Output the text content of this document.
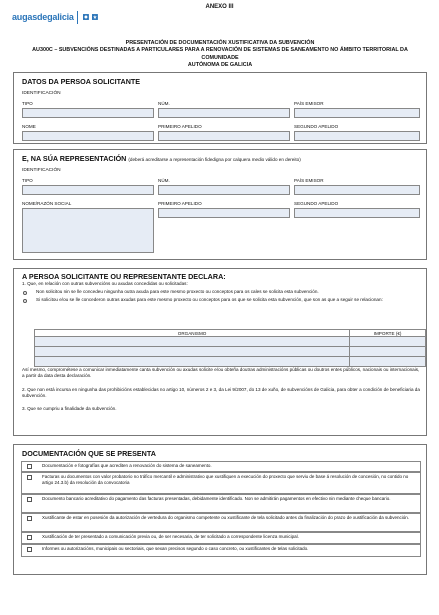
augasdegalicia
ANEXO III
PRESENTACIÓN DE DOCUMENTACIÓN XUSTIFICATIVA DA SUBVENCIÓN
AU300C – SUBVENCIÓNS DESTINADAS A PARTICULARES PARA A RENOVACIÓN DE SISTEMAS DE SANEAMENTO NO ÁMBITO TERRITORIAL DA COMUNIDADE
AUTÓNOMA DE GALICIA
DATOS DA PERSOA SOLICITANTE
IDENTIFICACIÓN
TIPO	NÚM.	PAÍS EMISOR
NOME	PRIMEIRO APELIDO	SEGUNDO APELIDO
E, NA SÚA REPRESENTACIÓN (deberá acreditarse a representación fidedigna por calquera medio válido en dereito)
IDENTIFICACIÓN
TIPO	NÚM.	PAÍS EMISOR
NOME/RAZÓN SOCIAL	PRIMEIRO APELIDO	SEGUNDO APELIDO
A PERSOA SOLICITANTE OU REPRESENTANTE DECLARA:
1. Que, en relación con outras subvencións ou axudas concedidas ou solicitadas:
Non solicitou nin se lle concedeu ningunha outra axuda para este mesmo proxecto ou conceptos para os cales se solicita esta subvención.
Si solicitou e/ou se lle concederon outras axudas para este mesmo proxecto ou conceptos para os que se solicita esta subvención, que son as que a seguir se relacionan:
ORGANISMO	IMPORTE (€)

Así mesmo, comprométese a comunicar inmediatamente canta subvención ou axudas solicite e/ou obteña doutras administracións públicas ou doutros entes públicos, nacionais ou internacionais, a partir da data desta declaración.
2. Que non está incursa en ningunha das prohibicións establecidas no artigo 10, números 2 e 3, da Lei 9/2007, do 13 de xuño, de subvencións de Galicia, para obter a condición de beneficiaria da subvención.
3. Que se cumpriu a finalidade da subvención.
DOCUMENTACIÓN QUE SE PRESENTA
Documentación e fotografías que acrediten a renovación do sistema de saneamento.
Facturas ou documentos con valor probatorio no tráfico mercantil e administrativo que xustifiquen a execución do proxecto que serviu de base á resolución de concesión, no contido no artigo 24.3.b) da resolución da convocatoria
Documento bancario acreditativo do pagamento das facturas presentadas, debidamente identificado. Non se admitirán pagamentos en efectivo nin mediante cheque bancario.
Xustificante de estar en posesión da autorización de vertedura do organismo competente ou xustificante de tela solicitado antes da finalización do prazo de xustificación da subvención.
Xustificación de ter presentado a comunicación previa ou, de ser necesaria, de ter solicitado a correspondente licenza municipal.
Informes ou autorizacións, municipais ou sectoriais, que sexan precisos segundo o caso concreto, ou xustificantes de telas solicitado.
